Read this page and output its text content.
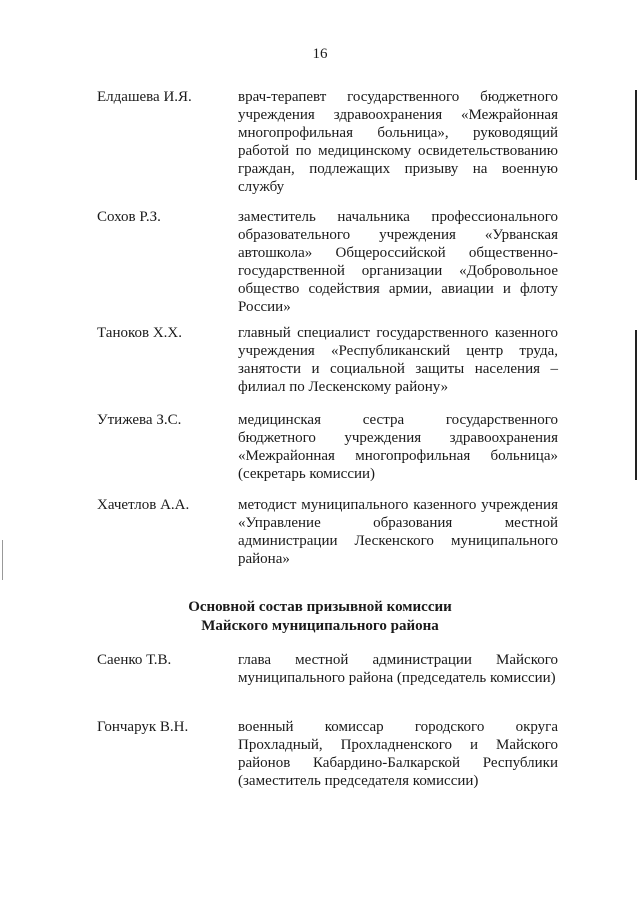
16
Елдашева И.Я.	врач-терапевт государственного бюджетного учреждения здравоохранения «Межрайонная многопрофильная больница», руководящий работой по медицинскому освидетельствованию граждан, подлежащих призыву на военную службу
Сохов Р.З.	заместитель начальника профессионального образовательного учреждения «Урванская автошкола» Общероссийской общественно-государственной организации «Добровольное общество содействия армии, авиации и флоту России»
Таноков Х.Х.	главный специалист государственного казенного учреждения «Республиканский центр труда, занятости и социальной защиты населения – филиал по Лескенскому району»
Утижева З.С.	медицинская сестра государственного бюджетного учреждения здравоохранения «Межрайонная многопрофильная больница» (секретарь комиссии)
Хачетлов А.А.	методист муниципального казенного учреждения «Управление образования местной администрации Лескенского муниципального района»
Основной состав призывной комиссии
Майского муниципального района
Саенко Т.В.	глава местной администрации Майского муниципального района (председатель комиссии)
Гончарук В.Н.	военный комиссар городского округа Прохладный, Прохладненского и Майского районов Кабардино-Балкарской Республики (заместитель председателя комиссии)
